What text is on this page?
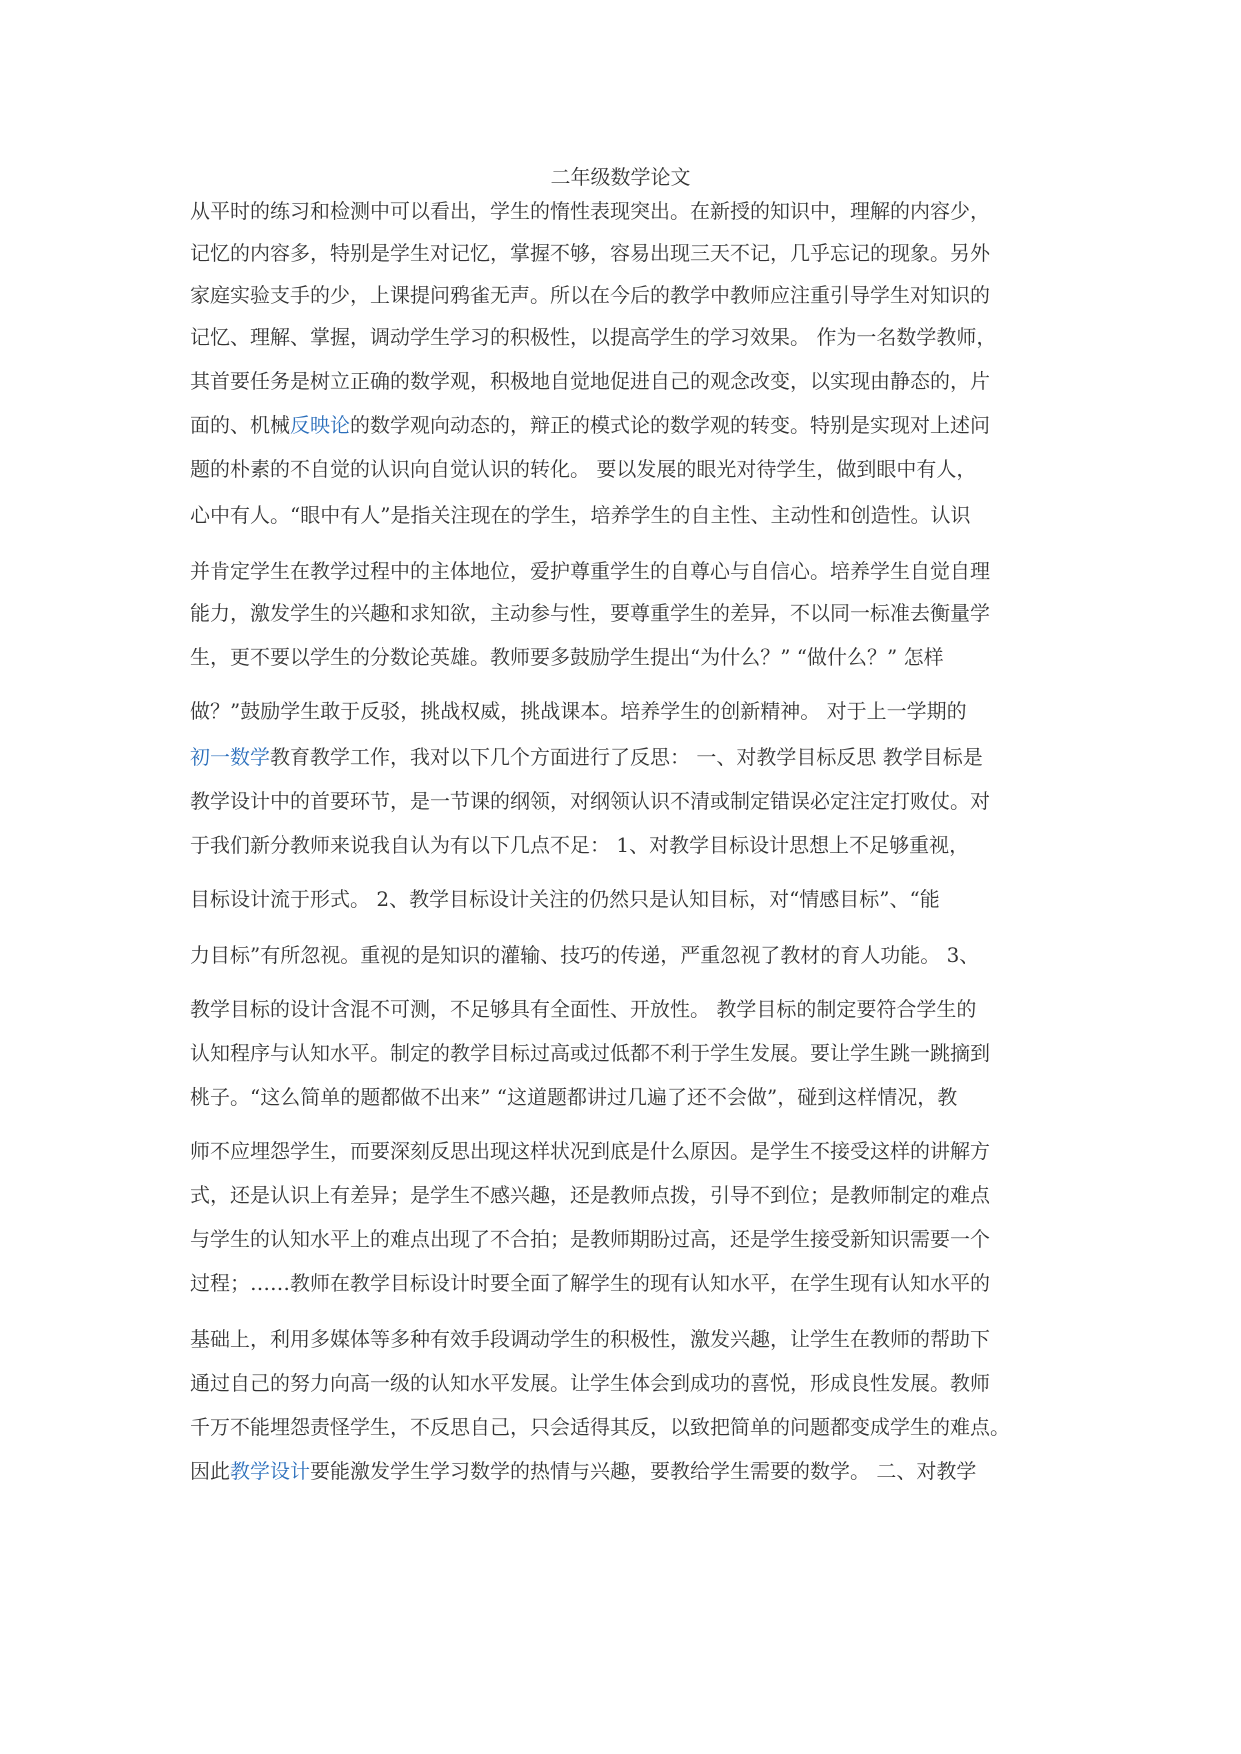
二年级数学论文
从平时的练习和检测中可以看出，学生的惰性表现突出。在新授的知识中，理解的内容少，
记忆的内容多，特别是学生对记忆，掌握不够，容易出现三天不记，几乎忘记的现象。另外
家庭实验支手的少，上课提问鸦雀无声。所以在今后的教学中教师应注重引导学生对知识的
记忆、理解、掌握，调动学生学习的积极性，以提高学生的学习效果。 作为一名数学教师，
其首要任务是树立正确的数学观，积极地自觉地促进自己的观念改变，以实现由静态的，片
面的、机械反映论的数学观向动态的，辩正的模式论的数学观的转变。特别是实现对上述问
题的朴素的不自觉的认识向自觉认识的转化。 要以发展的眼光对待学生，做到眼中有人，
心中有人。“眼中有人”是指关注现在的学生，培养学生的自主性、主动性和创造性。认识
并肯定学生在教学过程中的主体地位，爱护尊重学生的自尊心与自信心。培养学生自觉自理
能力，激发学生的兴趣和求知欲，主动参与性，要尊重学生的差异，不以同一标准去衡量学
生，更不要以学生的分数论英雄。教师要多鼓励学生提出“为什么？” “做什么？” 怎样
做？”鼓励学生敢于反驳，挑战权威，挑战课本。培养学生的创新精神。 对于上一学期的
初一数学教育教学工作，我对以下几个方面进行了反思： 一、对教学目标反思 教学目标是
教学设计中的首要环节，是一节课的纲领，对纲领认识不清或制定错误必定注定打败仗。对
于我们新分教师来说我自认为有以下几点不足： 1、对教学目标设计思想上不足够重视，
目标设计流于形式。 2、教学目标设计关注的仍然只是认知目标，对“情感目标”、“能
力目标”有所忽视。重视的是知识的灌输、技巧的传递，严重忽视了教材的育人功能。 3、
教学目标的设计含混不可测，不足够具有全面性、开放性。 教学目标的制定要符合学生的
认知程序与认知水平。制定的教学目标过高或过低都不利于学生发展。要让学生跳一跳摘到
桃子。“这么简单的题都做不出来” “这道题都讲过几遍了还不会做”，碰到这样情况，教
师不应埋怨学生，而要深刻反思出现这样状况到底是什么原因。是学生不接受这样的讲解方
式，还是认识上有差异；是学生不感兴趣，还是教师点拨，引导不到位；是教师制定的难点
与学生的认知水平上的难点出现了不合拍；是教师期盼过高，还是学生接受新知识需要一个
过程；……教师在教学目标设计时要全面了解学生的现有认知水平，在学生现有认知水平的
基础上，利用多媒体等多种有效手段调动学生的积极性，激发兴趣，让学生在教师的帮助下
通过自己的努力向高一级的认知水平发展。让学生体会到成功的喜悦，形成良性发展。教师
千万不能埋怨责怪学生，不反思自己，只会适得其反，以致把简单的问题都变成学生的难点。
因此教学设计要能激发学生学习数学的热情与兴趣，要教给学生需要的数学。 二、对教学
